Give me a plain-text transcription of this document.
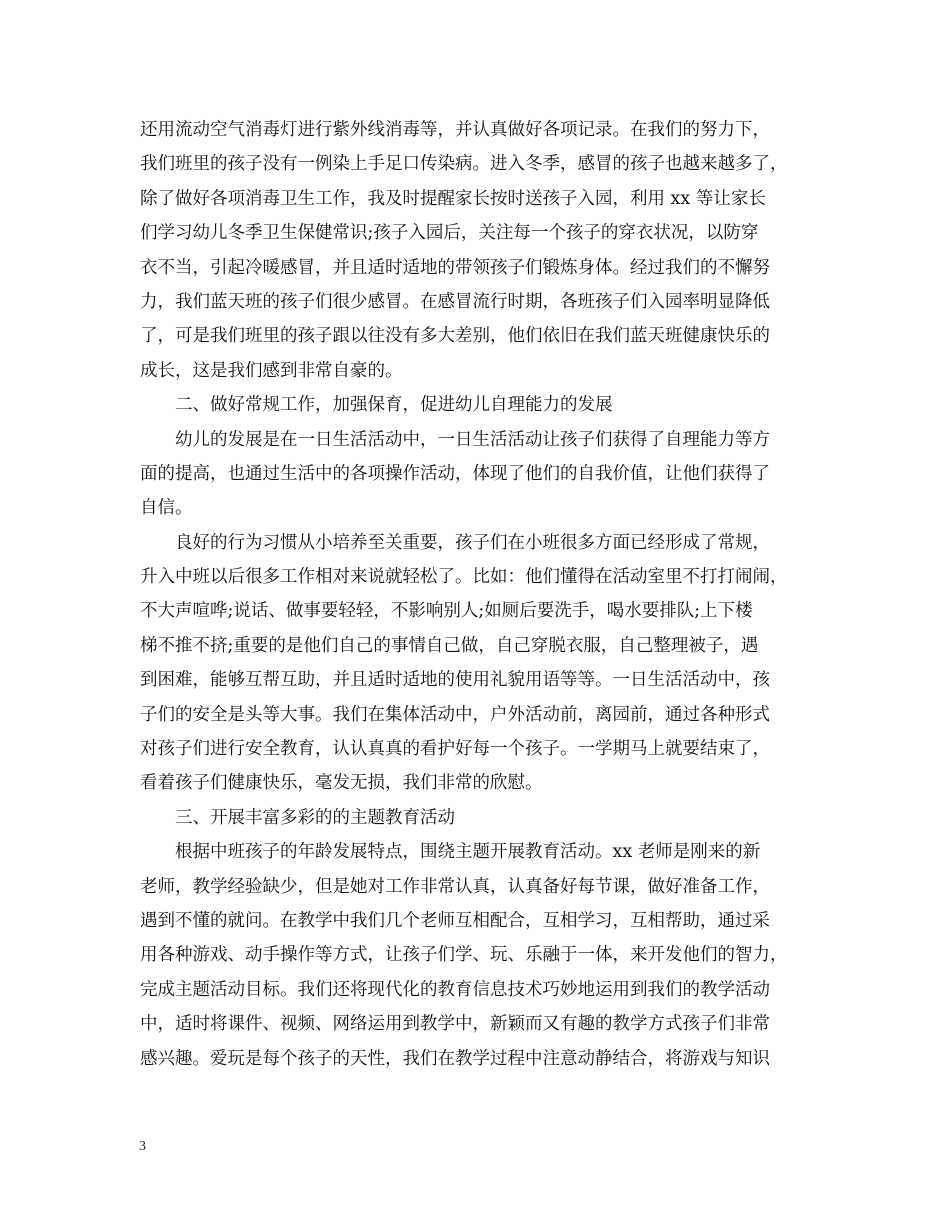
还用流动空气消毒灯进行紫外线消毒等，并认真做好各项记录。在我们的努力下，
我们班里的孩子没有一例染上手足口传染病。进入冬季，感冒的孩子也越来越多了，
除了做好各项消毒卫生工作，我及时提醒家长按时送孩子入园，利用 xx 等让家长
们学习幼儿冬季卫生保健常识;孩子入园后，关注每一个孩子的穿衣状况，以防穿
衣不当，引起冷暖感冒，并且适时适地的带领孩子们锻炼身体。经过我们的不懈努
力，我们蓝天班的孩子们很少感冒。在感冒流行时期，各班孩子们入园率明显降低
了，可是我们班里的孩子跟以往没有多大差别，他们依旧在我们蓝天班健康快乐的
成长，这是我们感到非常自豪的。
二、做好常规工作，加强保育，促进幼儿自理能力的发展
幼儿的发展是在一日生活活动中，一日生活活动让孩子们获得了自理能力等方
面的提高，也通过生活中的各项操作活动，体现了他们的自我价值，让他们获得了
自信。
良好的行为习惯从小培养至关重要，孩子们在小班很多方面已经形成了常规，
升入中班以后很多工作相对来说就轻松了。比如：他们懂得在活动室里不打打闹闹，
不大声喧哗;说话、做事要轻轻，不影响别人;如厕后要洗手，喝水要排队;上下楼
梯不推不挤;重要的是他们自己的事情自己做，自己穿脱衣服，自己整理被子，遇
到困难，能够互帮互助，并且适时适地的使用礼貌用语等等。一日生活活动中，孩
子们的安全是头等大事。我们在集体活动中，户外活动前，离园前，通过各种形式
对孩子们进行安全教育，认认真真的看护好每一个孩子。一学期马上就要结束了，
看着孩子们健康快乐，毫发无损，我们非常的欣慰。
三、开展丰富多彩的的主题教育活动
根据中班孩子的年龄发展特点，围绕主题开展教育活动。xx 老师是刚来的新
老师，教学经验缺少，但是她对工作非常认真，认真备好每节课，做好准备工作，
遇到不懂的就问。在教学中我们几个老师互相配合，互相学习，互相帮助，通过采
用各种游戏、动手操作等方式，让孩子们学、玩、乐融于一体，来开发他们的智力，
完成主题活动目标。我们还将现代化的教育信息技术巧妙地运用到我们的教学活动
中，适时将课件、视频、网络运用到教学中，新颖而又有趣的教学方式孩子们非常
感兴趣。爱玩是每个孩子的天性，我们在教学过程中注意动静结合，将游戏与知识
3
